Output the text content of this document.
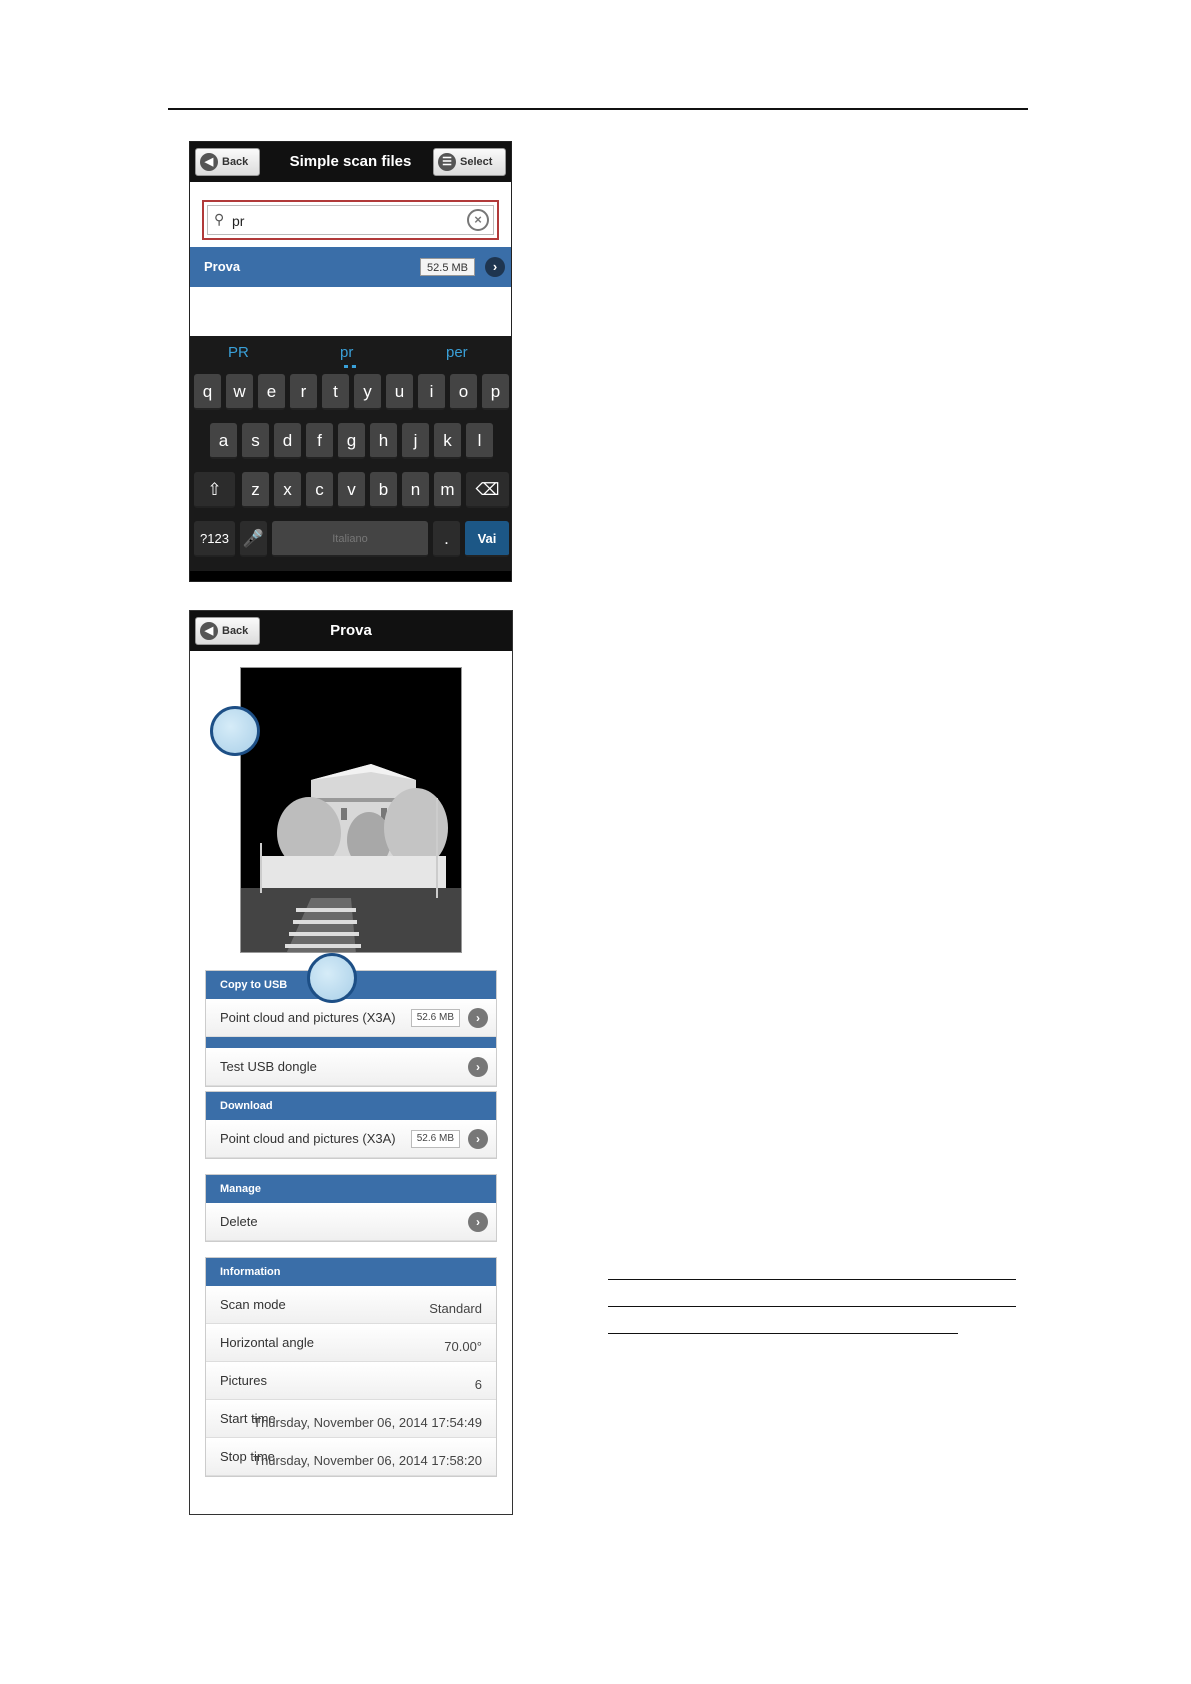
◀ Back	Simple scan files	☰ Select
⚲
pr	×
Prova	52.5 MB	›
PR	pr	per
q	w	e	r	t	y	u	i	o	p
a	s	d	f	g	h	j	k	l
⇧	z	x	c	v	b	n	m	⌫
?123 🎤	Italiano	.	Vai
◀ Back	Prova
Copy to USB
Point cloud and pictures (X3A)	52.6 MB	›
Test USB dongle	›
Download
Point cloud and pictures (X3A)	52.6 MB	›
Manage
Delete	›
Information
Scan mode	Standard
Horizontal angle	70.00°
Pictures	6
Start time
Thursday, November 06, 2014 17:54:49
Stop time
Thursday, November 06, 2014 17:58:20
